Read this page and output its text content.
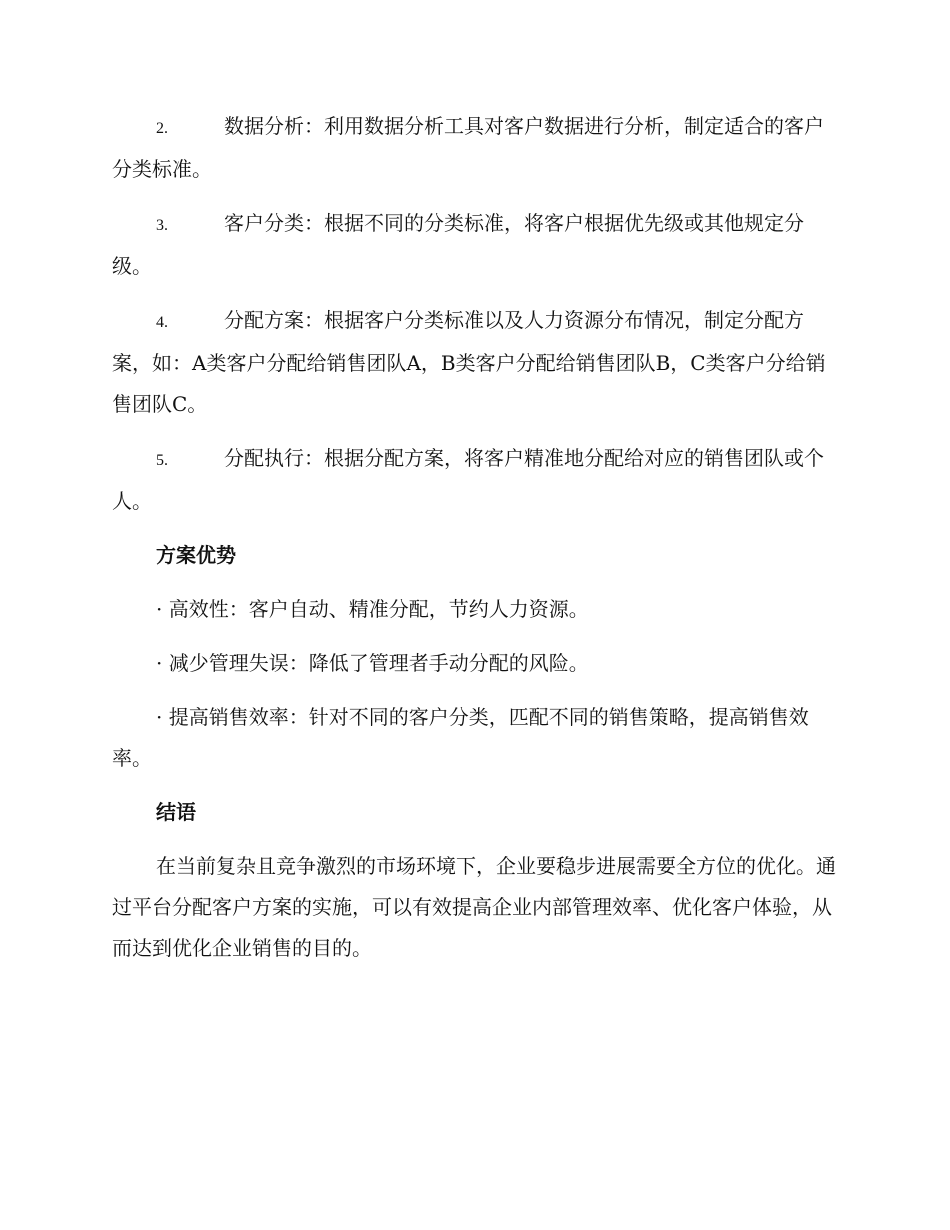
2.	数据分析：利用数据分析工具对客户数据进行分析，制定适合的客户分类标准。

3.	客户分类：根据不同的分类标准，将客户根据优先级或其他规定分级。

4.	分配方案：根据客户分类标准以及人力资源分布情况，制定分配方案，如：A类客户分配给销售团队A，B类客户分配给销售团队B，C类客户分给销售团队C。

5.	分配执行：根据分配方案，将客户精准地分配给对应的销售团队或个人。

方案优势

· 高效性：客户自动、精准分配，节约人力资源。

· 减少管理失误：降低了管理者手动分配的风险。

· 提高销售效率：针对不同的客户分类，匹配不同的销售策略，提高销售效率。

结语

在当前复杂且竞争激烈的市场环境下，企业要稳步进展需要全方位的优化。通过平台分配客户方案的实施，可以有效提高企业内部管理效率、优化客户体验，从而达到优化企业销售的目的。
